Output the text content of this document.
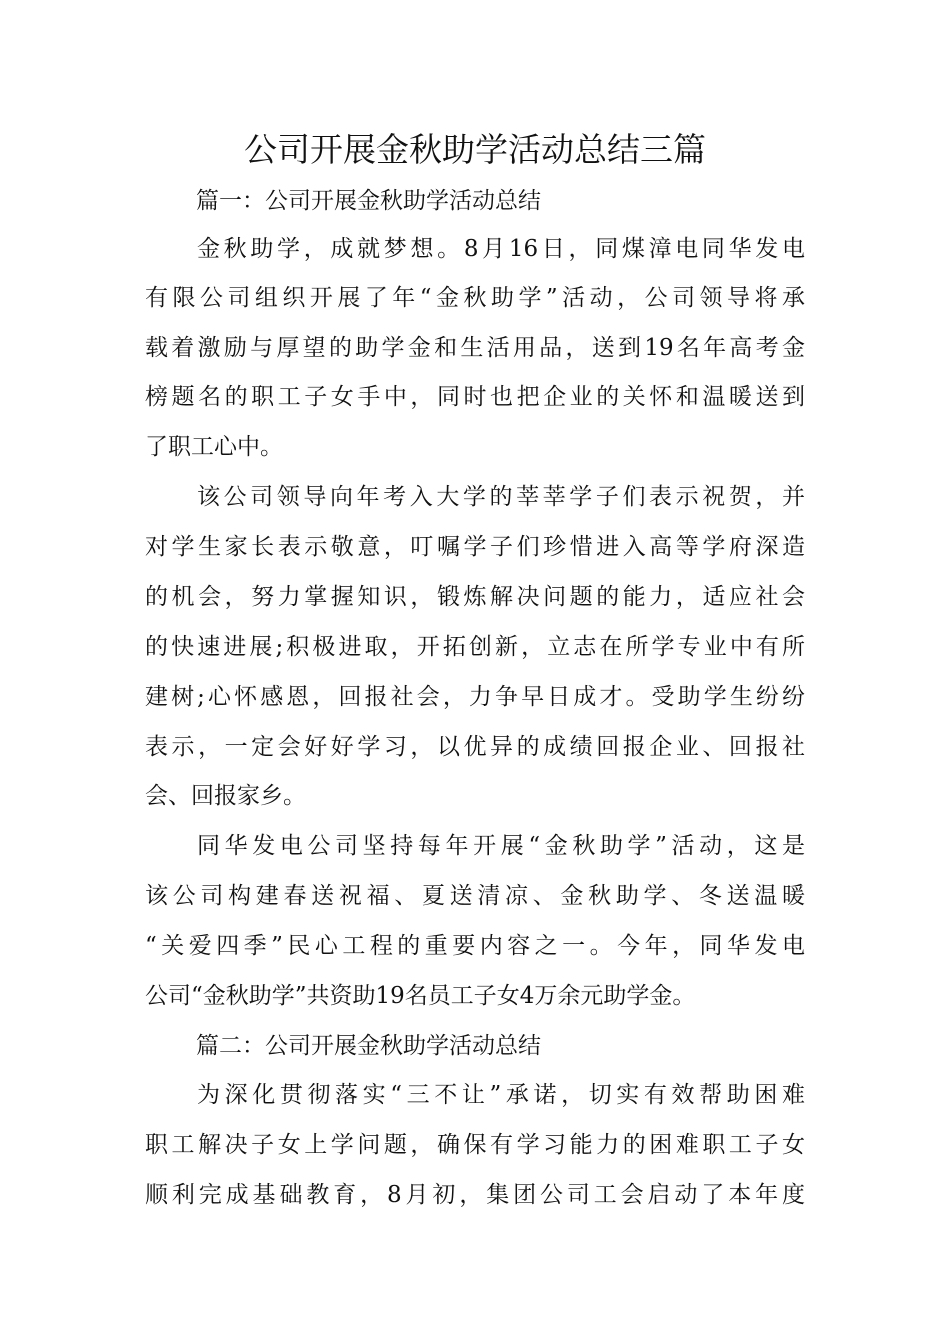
公司开展金秋助学活动总结三篇

篇一：公司开展金秋助学活动总结

金秋助学，成就梦想。8月16日，同煤漳电同华发电

有限公司组织开展了年“金秋助学”活动，公司领导将承

载着激励与厚望的助学金和生活用品，送到19名年高考金

榜题名的职工子女手中，同时也把企业的关怀和温暖送到

了职工心中。

该公司领导向年考入大学的莘莘学子们表示祝贺，并

对学生家长表示敬意，叮嘱学子们珍惜进入高等学府深造

的机会，努力掌握知识，锻炼解决问题的能力，适应社会

的快速进展;积极进取，开拓创新，立志在所学专业中有所

建树;心怀感恩，回报社会，力争早日成才。受助学生纷纷

表示，一定会好好学习，以优异的成绩回报企业、回报社

会、回报家乡。

同华发电公司坚持每年开展“金秋助学”活动，这是

该公司构建春送祝福、夏送清凉、金秋助学、冬送温暖

“关爱四季”民心工程的重要内容之一。今年，同华发电

公司“金秋助学”共资助19名员工子女4万余元助学金。

篇二：公司开展金秋助学活动总结

为深化贯彻落实“三不让”承诺，切实有效帮助困难

职工解决子女上学问题，确保有学习能力的困难职工子女

顺利完成基础教育，8月初，集团公司工会启动了本年度
